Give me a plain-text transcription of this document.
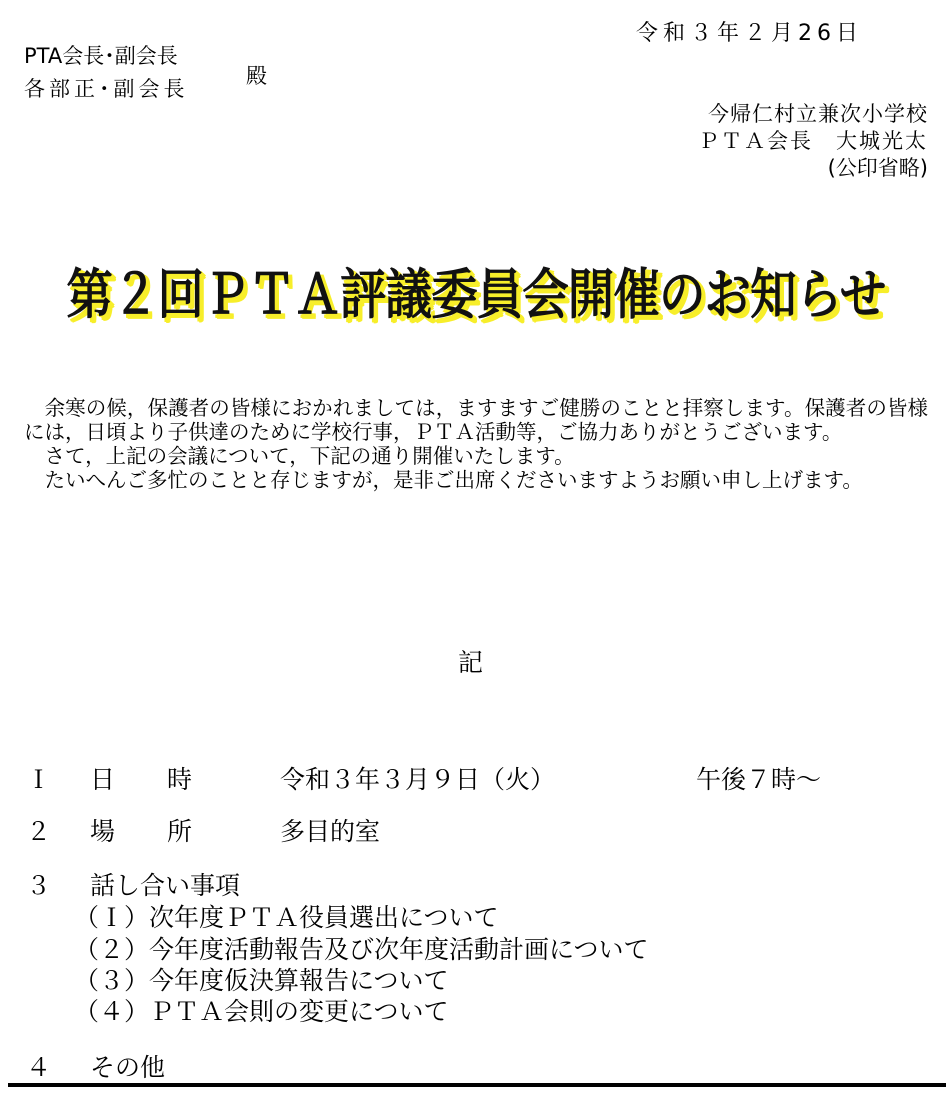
令和３年２月26日
PTA会長･副会長
各部正･副会長
殿
今帰仁村立兼次小学校
ＰＴＡ会長　大城光太
(公印省略)
第２回ＰＴＡ評議委員会開催のお知らせ

　余寒の候，保護者の皆様におかれましては，ますますご健勝のことと拝察します。保護者の皆様には，日頃より子供達のために学校行事，ＰＴＡ活動等，ご協力ありがとうございます。

　さて，上記の会議について，下記の通り開催いたします。

　たいへんご多忙のことと存じますが，是非ご出席くださいますようお願い申し上げます。

記
Ｉ 日時 令和３年３月９日（火）	午後７時～
２ 場所 多目的室
３ 話し合い事項
（Ｉ）次年度ＰＴＡ役員選出について
（２）今年度活動報告及び次年度活動計画について
（３）今年度仮決算報告について
（４）ＰＴＡ会則の変更について
４ その他
